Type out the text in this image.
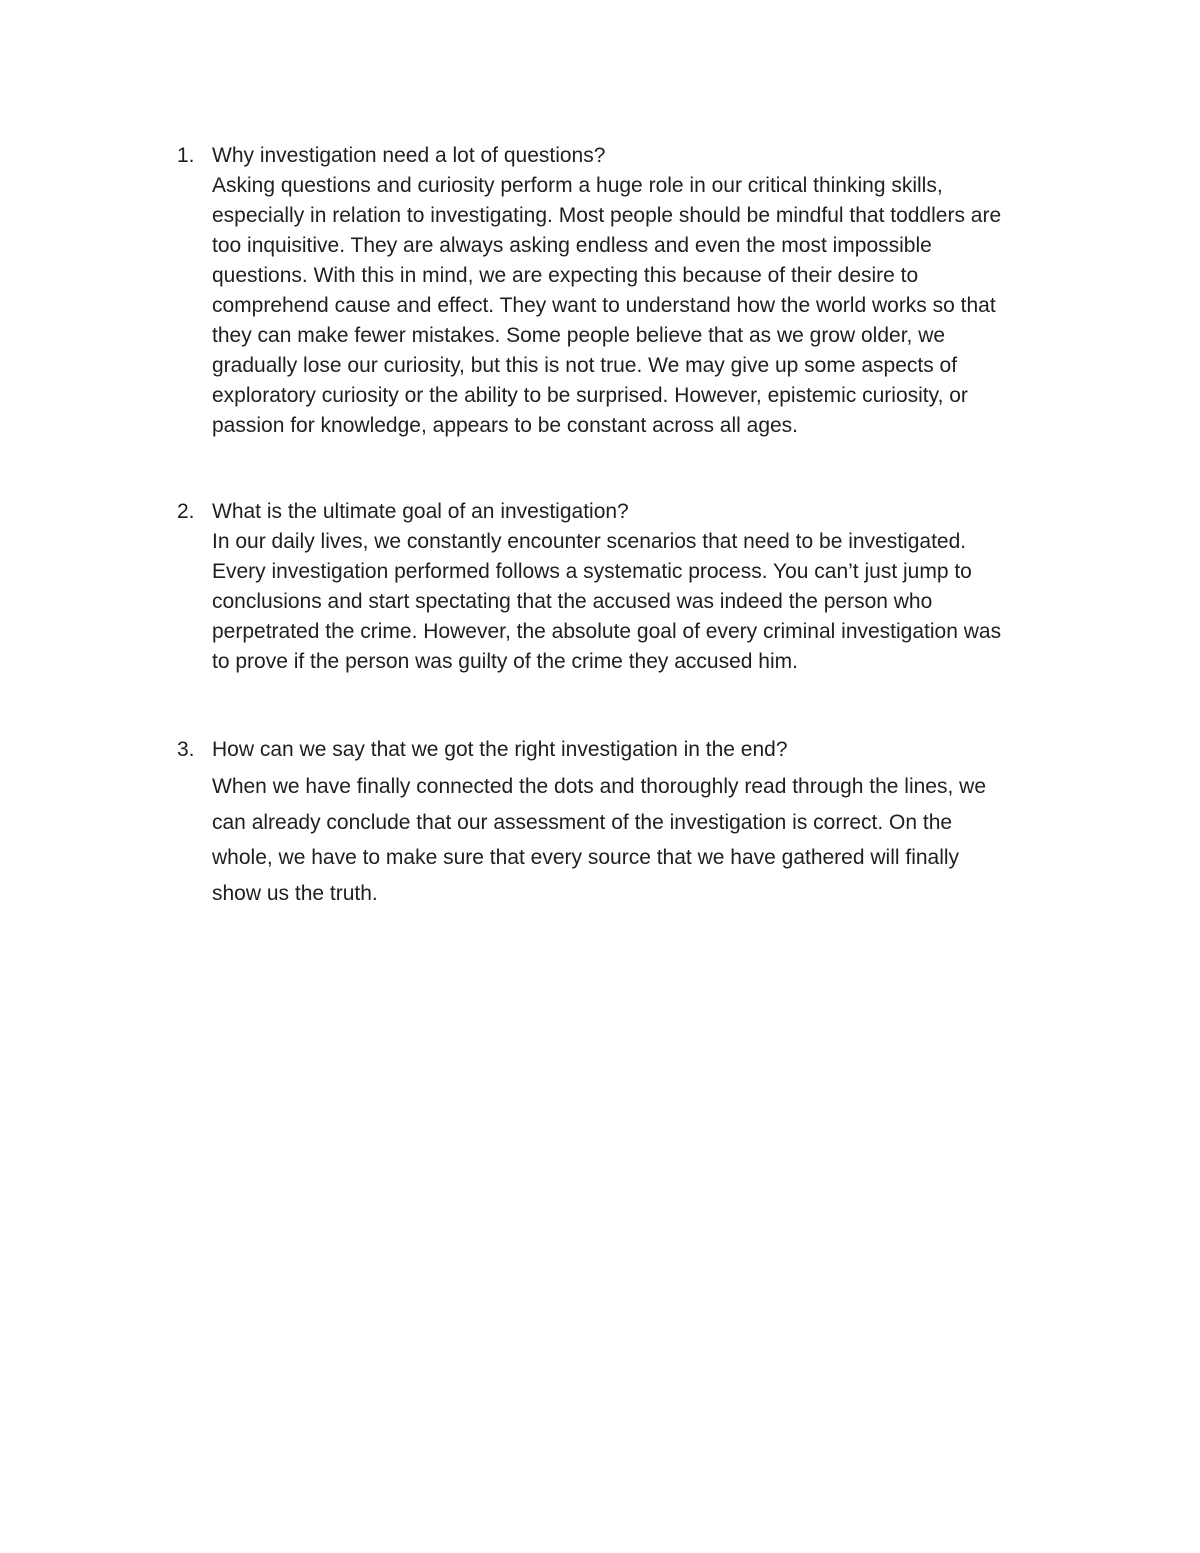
1. Why investigation need a lot of questions?
Asking questions and curiosity perform a huge role in our critical thinking skills,
especially in relation to investigating. Most people should be mindful that toddlers are
too inquisitive. They are always asking endless and even the most impossible
questions. With this in mind, we are expecting this because of their desire to
comprehend cause and effect. They want to understand how the world works so that
they can make fewer mistakes. Some people believe that as we grow older, we
gradually lose our curiosity, but this is not true. We may give up some aspects of
exploratory curiosity or the ability to be surprised. However, epistemic curiosity, or
passion for knowledge, appears to be constant across all ages.
2. What is the ultimate goal of an investigation?
In our daily lives, we constantly encounter scenarios that need to be investigated.
Every investigation performed follows a systematic process. You can’t just jump to
conclusions and start spectating that the accused was indeed the person who
perpetrated the crime. However, the absolute goal of every criminal investigation was
to prove if the person was guilty of the crime they accused him.
3. How can we say that we got the right investigation in the end?
When we have finally connected the dots and thoroughly read through the lines, we
can already conclude that our assessment of the investigation is correct. On the
whole, we have to make sure that every source that we have gathered will finally
show us the truth.
